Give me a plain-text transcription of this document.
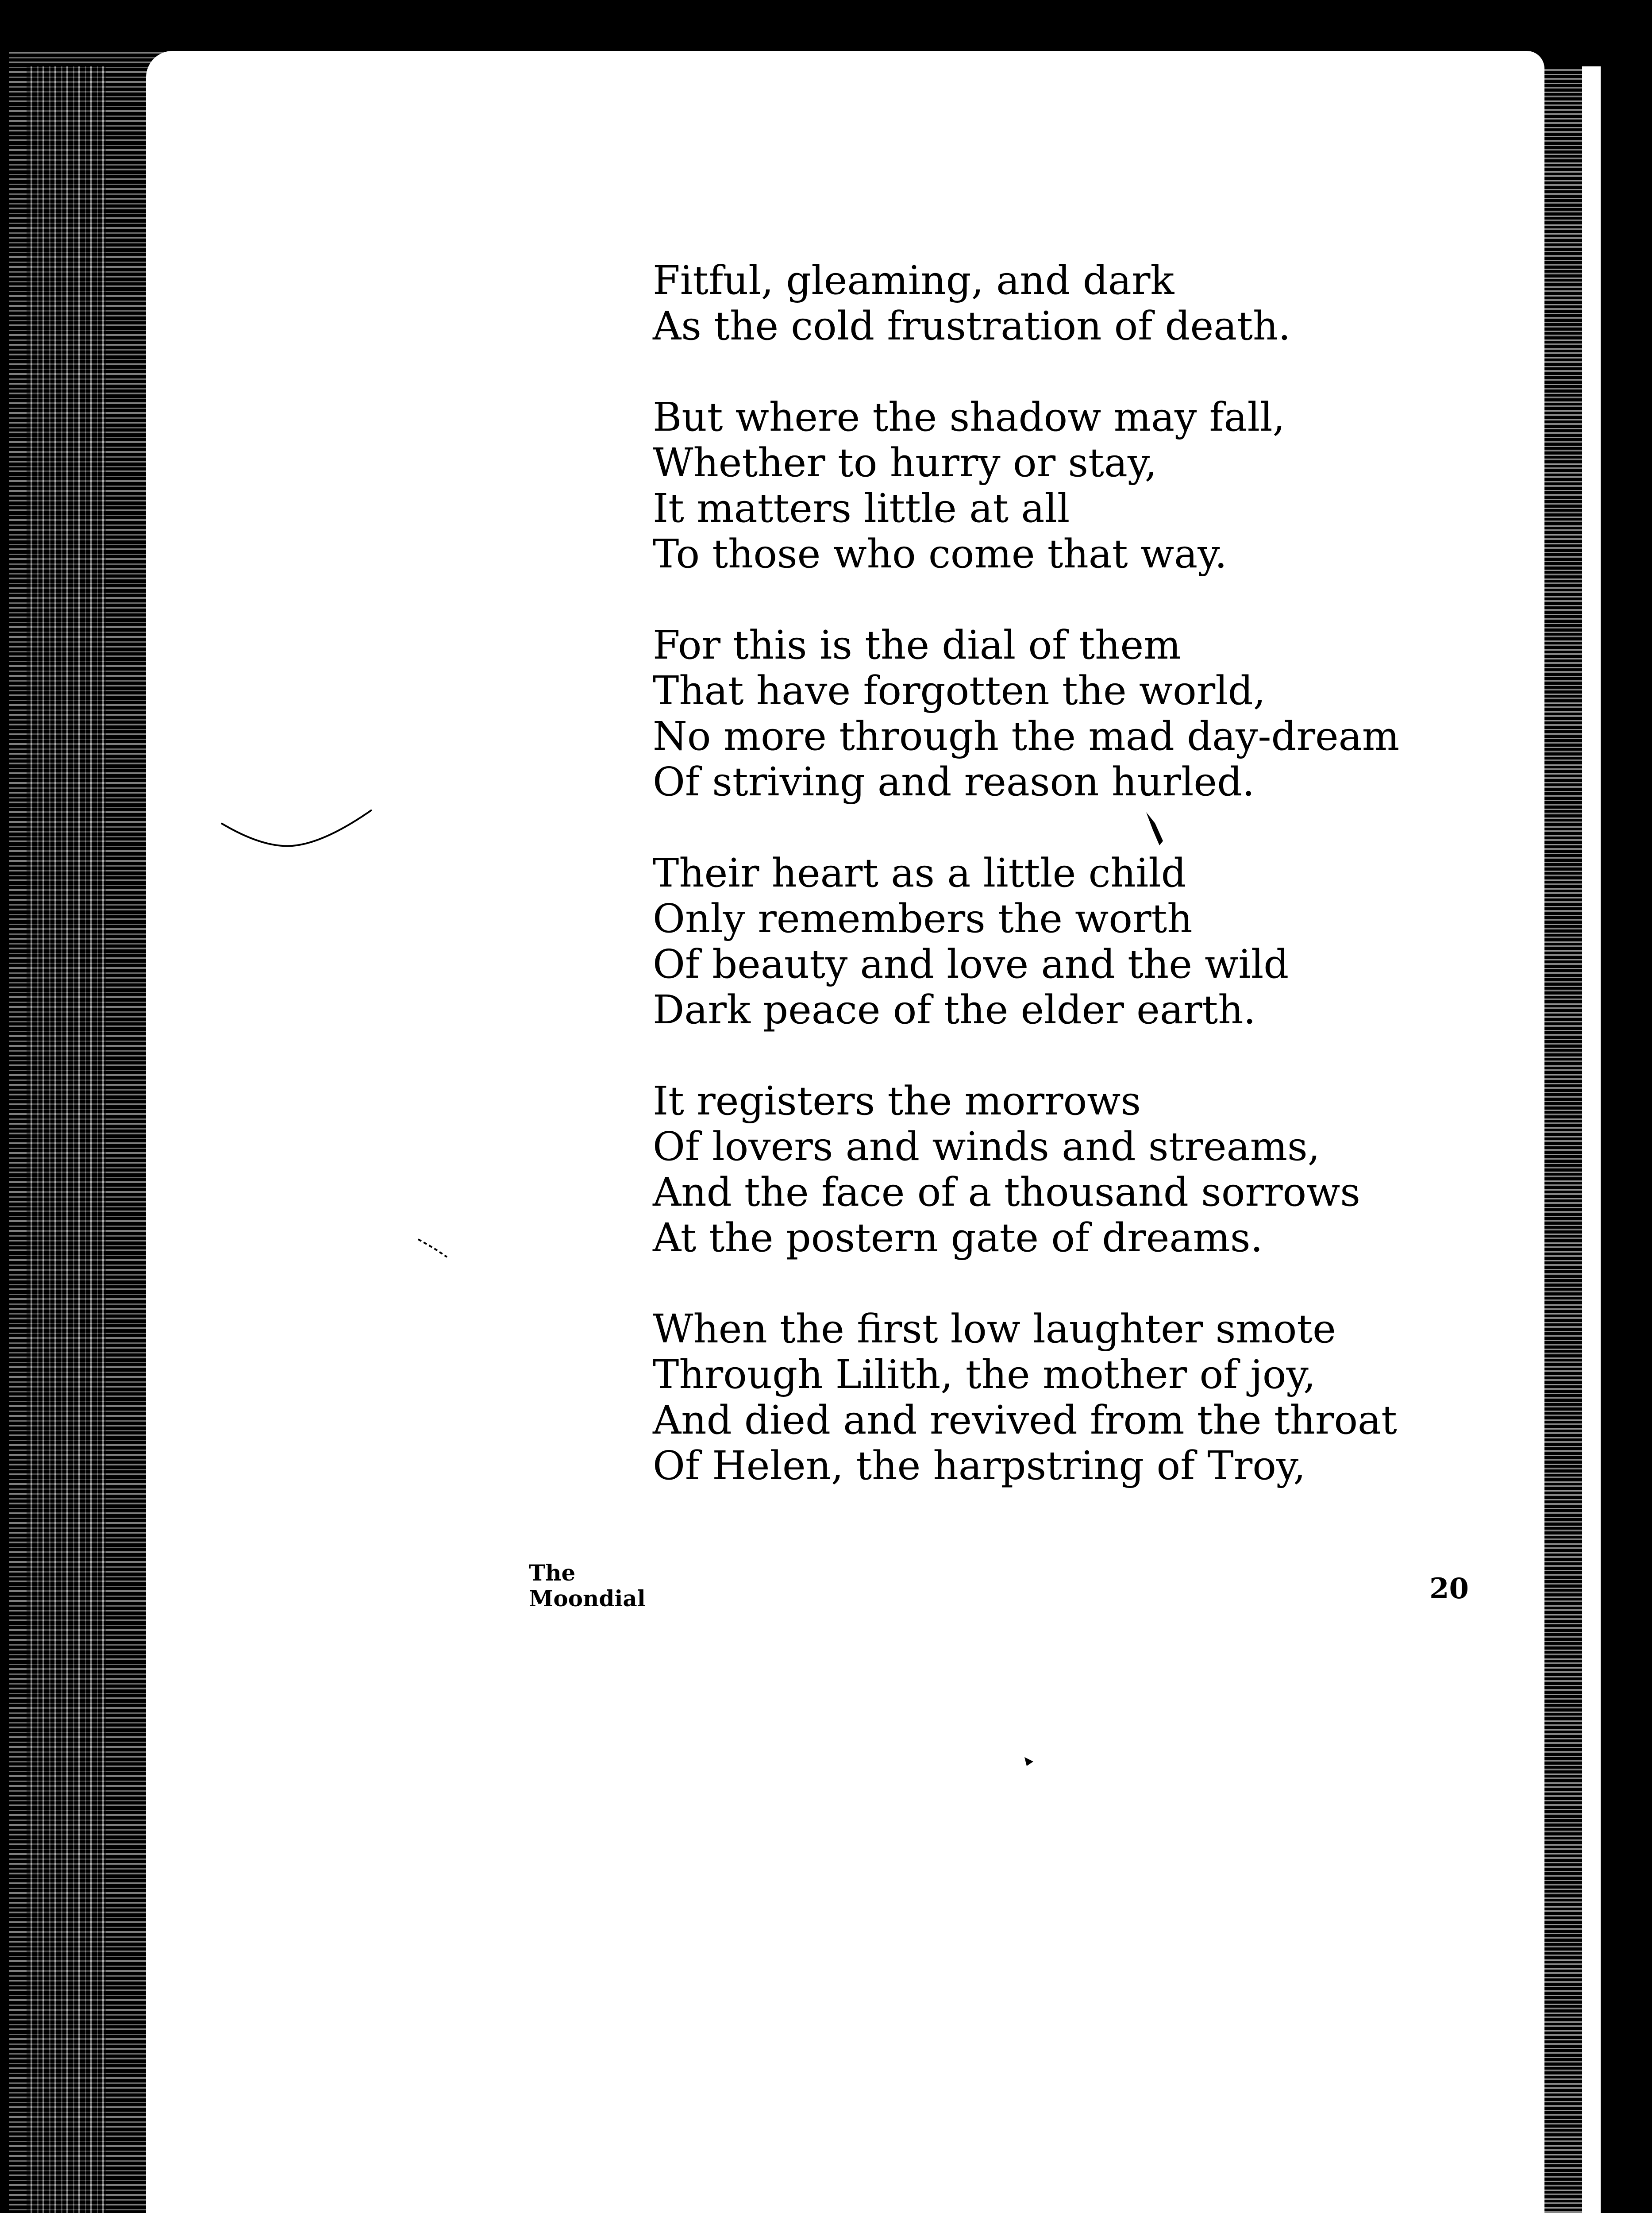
Fitful, gleaming, and dark
As the cold frustration of death.
But where the shadow may fall,
Whether to hurry or stay,
It matters little at all
To those who come that way.
For this is the dial of them
That have forgotten the world,
No more through the mad day-dream
Of striving and reason hurled.
Their heart as a little child
Only remembers the worth
Of beauty and love and the wild
Dark peace of the elder earth.
It registers the morrows
Of lovers and winds and streams,
And the face of a thousand sorrows
At the postern gate of dreams.
When the first low laughter smote
Through Lilith, the mother of joy,
And died and revived from the throat
Of Helen, the harpstring of Troy,
The
Moondial	20
